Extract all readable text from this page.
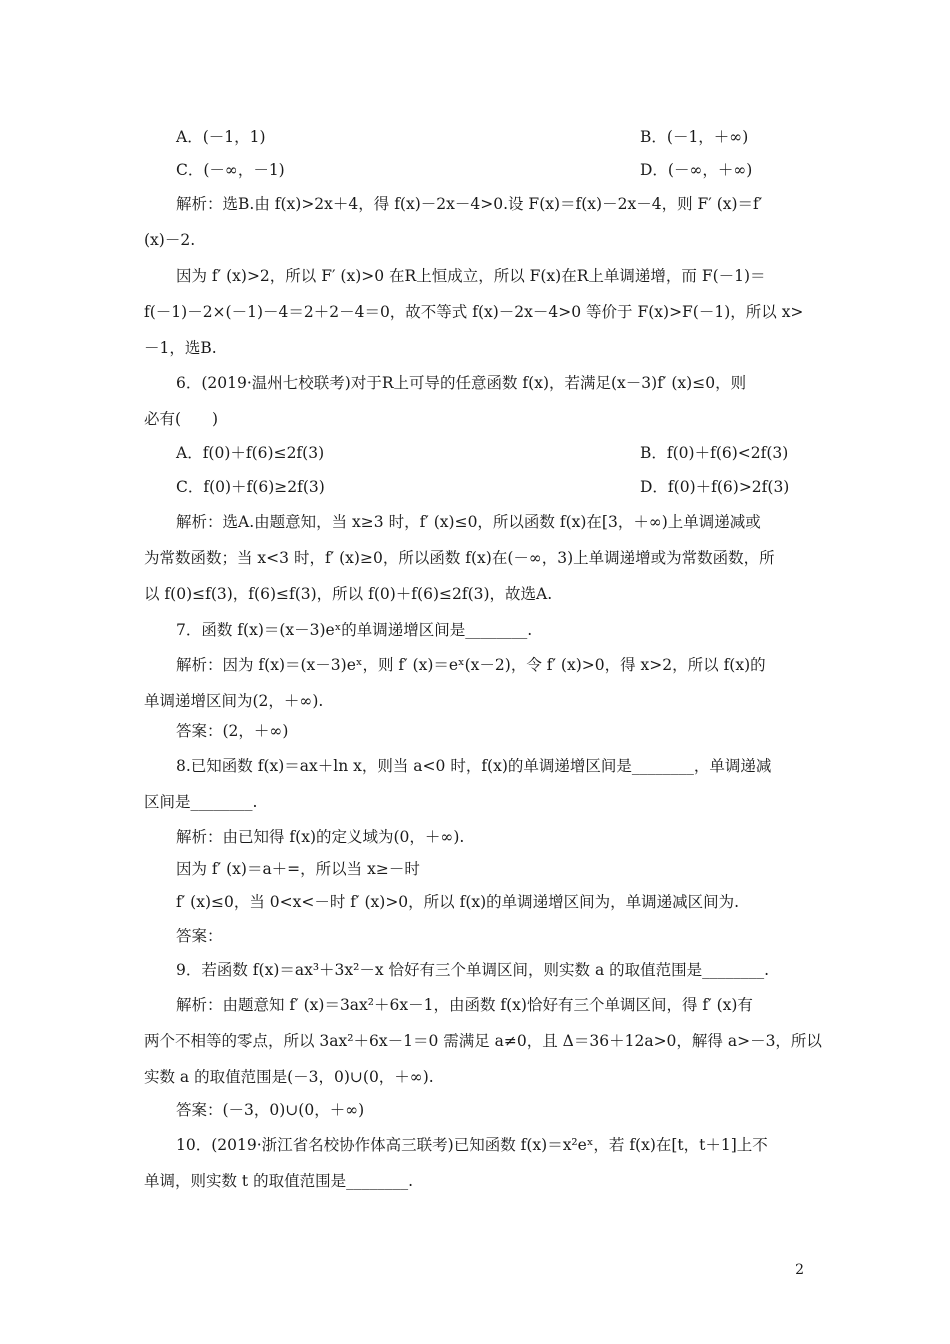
A．(－1，1)	B．(－1，＋∞)
C．(－∞，－1)	D．(－∞，＋∞)
解析：选B.由 f(x)>2x＋4，得 f(x)－2x－4>0.设 F(x)＝f(x)－2x－4，则 F′ (x)＝f′
(x)－2.
因为 f′ (x)>2，所以 F′ (x)>0 在R上恒成立，所以 F(x)在R上单调递增，而 F(－1)＝
f(－1)－2×(－1)－4＝2＋2－4＝0，故不等式 f(x)－2x－4>0 等价于 F(x)>F(－1)，所以 x>
－1，选B.
6．(2019·温州七校联考)对于R上可导的任意函数 f(x)，若满足(x－3)f′ (x)≤0，则
必有(　　)
A．f(0)＋f(6)≤2f(3)	B．f(0)＋f(6)<2f(3)
C．f(0)＋f(6)≥2f(3)	D．f(0)＋f(6)>2f(3)
解析：选A.由题意知，当 x≥3 时，f′ (x)≤0，所以函数 f(x)在[3，＋∞)上单调递减或
为常数函数；当 x<3 时，f′ (x)≥0，所以函数 f(x)在(－∞，3)上单调递增或为常数函数，所
以 f(0)≤f(3)，f(6)≤f(3)，所以 f(0)＋f(6)≤2f(3)，故选A.
7．函数 f(x)＝(x－3)eˣ的单调递增区间是________.
解析：因为 f(x)＝(x－3)eˣ，则 f′ (x)＝eˣ(x－2)，令 f′ (x)>0，得 x>2，所以 f(x)的
单调递增区间为(2，＋∞).
答案：(2，＋∞)
8.已知函数 f(x)＝ax＋ln x，则当 a<0 时，f(x)的单调递增区间是________，单调递减
区间是________.
解析：由已知得 f(x)的定义域为(0，＋∞).
因为 f′ (x)＝a＋=，所以当 x≥－时
f′ (x)≤0，当 0<x<－时 f′ (x)>0，所以 f(x)的单调递增区间为，单调递减区间为.
答案：
9．若函数 f(x)＝ax³＋3x²－x 恰好有三个单调区间，则实数 a 的取值范围是________.
解析：由题意知 f′ (x)＝3ax²＋6x－1，由函数 f(x)恰好有三个单调区间，得 f′ (x)有
两个不相等的零点，所以 3ax²＋6x－1＝0 需满足 a≠0，且 Δ＝36＋12a>0，解得 a>－3，所以
实数 a 的取值范围是(－3，0)∪(0，＋∞).
答案：(－3，0)∪(0，＋∞)
10．(2019·浙江省名校协作体高三联考)已知函数 f(x)＝x²eˣ，若 f(x)在[t，t＋1]上不
单调，则实数 t 的取值范围是________.
2
